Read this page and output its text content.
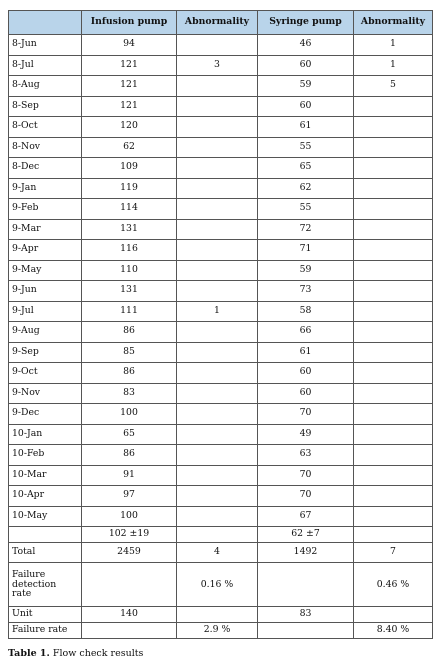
	Infusion pump	Abnormality	Syringe pump	Abnormality
8-Jun	94		46	1
8-Jul	121	3	60	1
8-Aug	121		59	5
8-Sep	121		60	
8-Oct	120		61	
8-Nov	62		55	
8-Dec	109		65	
9-Jan	119		62	
9-Feb	114		55	
9-Mar	131		72	
9-Apr	116		71	
9-May	110		59	
9-Jun	131		73	
9-Jul	111	1	58	
9-Aug	86		66	
9-Sep	85		61	
9-Oct	86		60	
9-Nov	83		60	
9-Dec	100		70	
10-Jan	65		49	
10-Feb	86		63	
10-Mar	91		70	
10-Apr	97		70	
10-May	100		67	
	102 ±19		62 ±7	
Total	2459	4	1492	7
Failure detection rate		0.16 %		0.46 %
Unit	140		83	
Failure rate		2.9 %		8.40 %
Table 1. Flow check results
